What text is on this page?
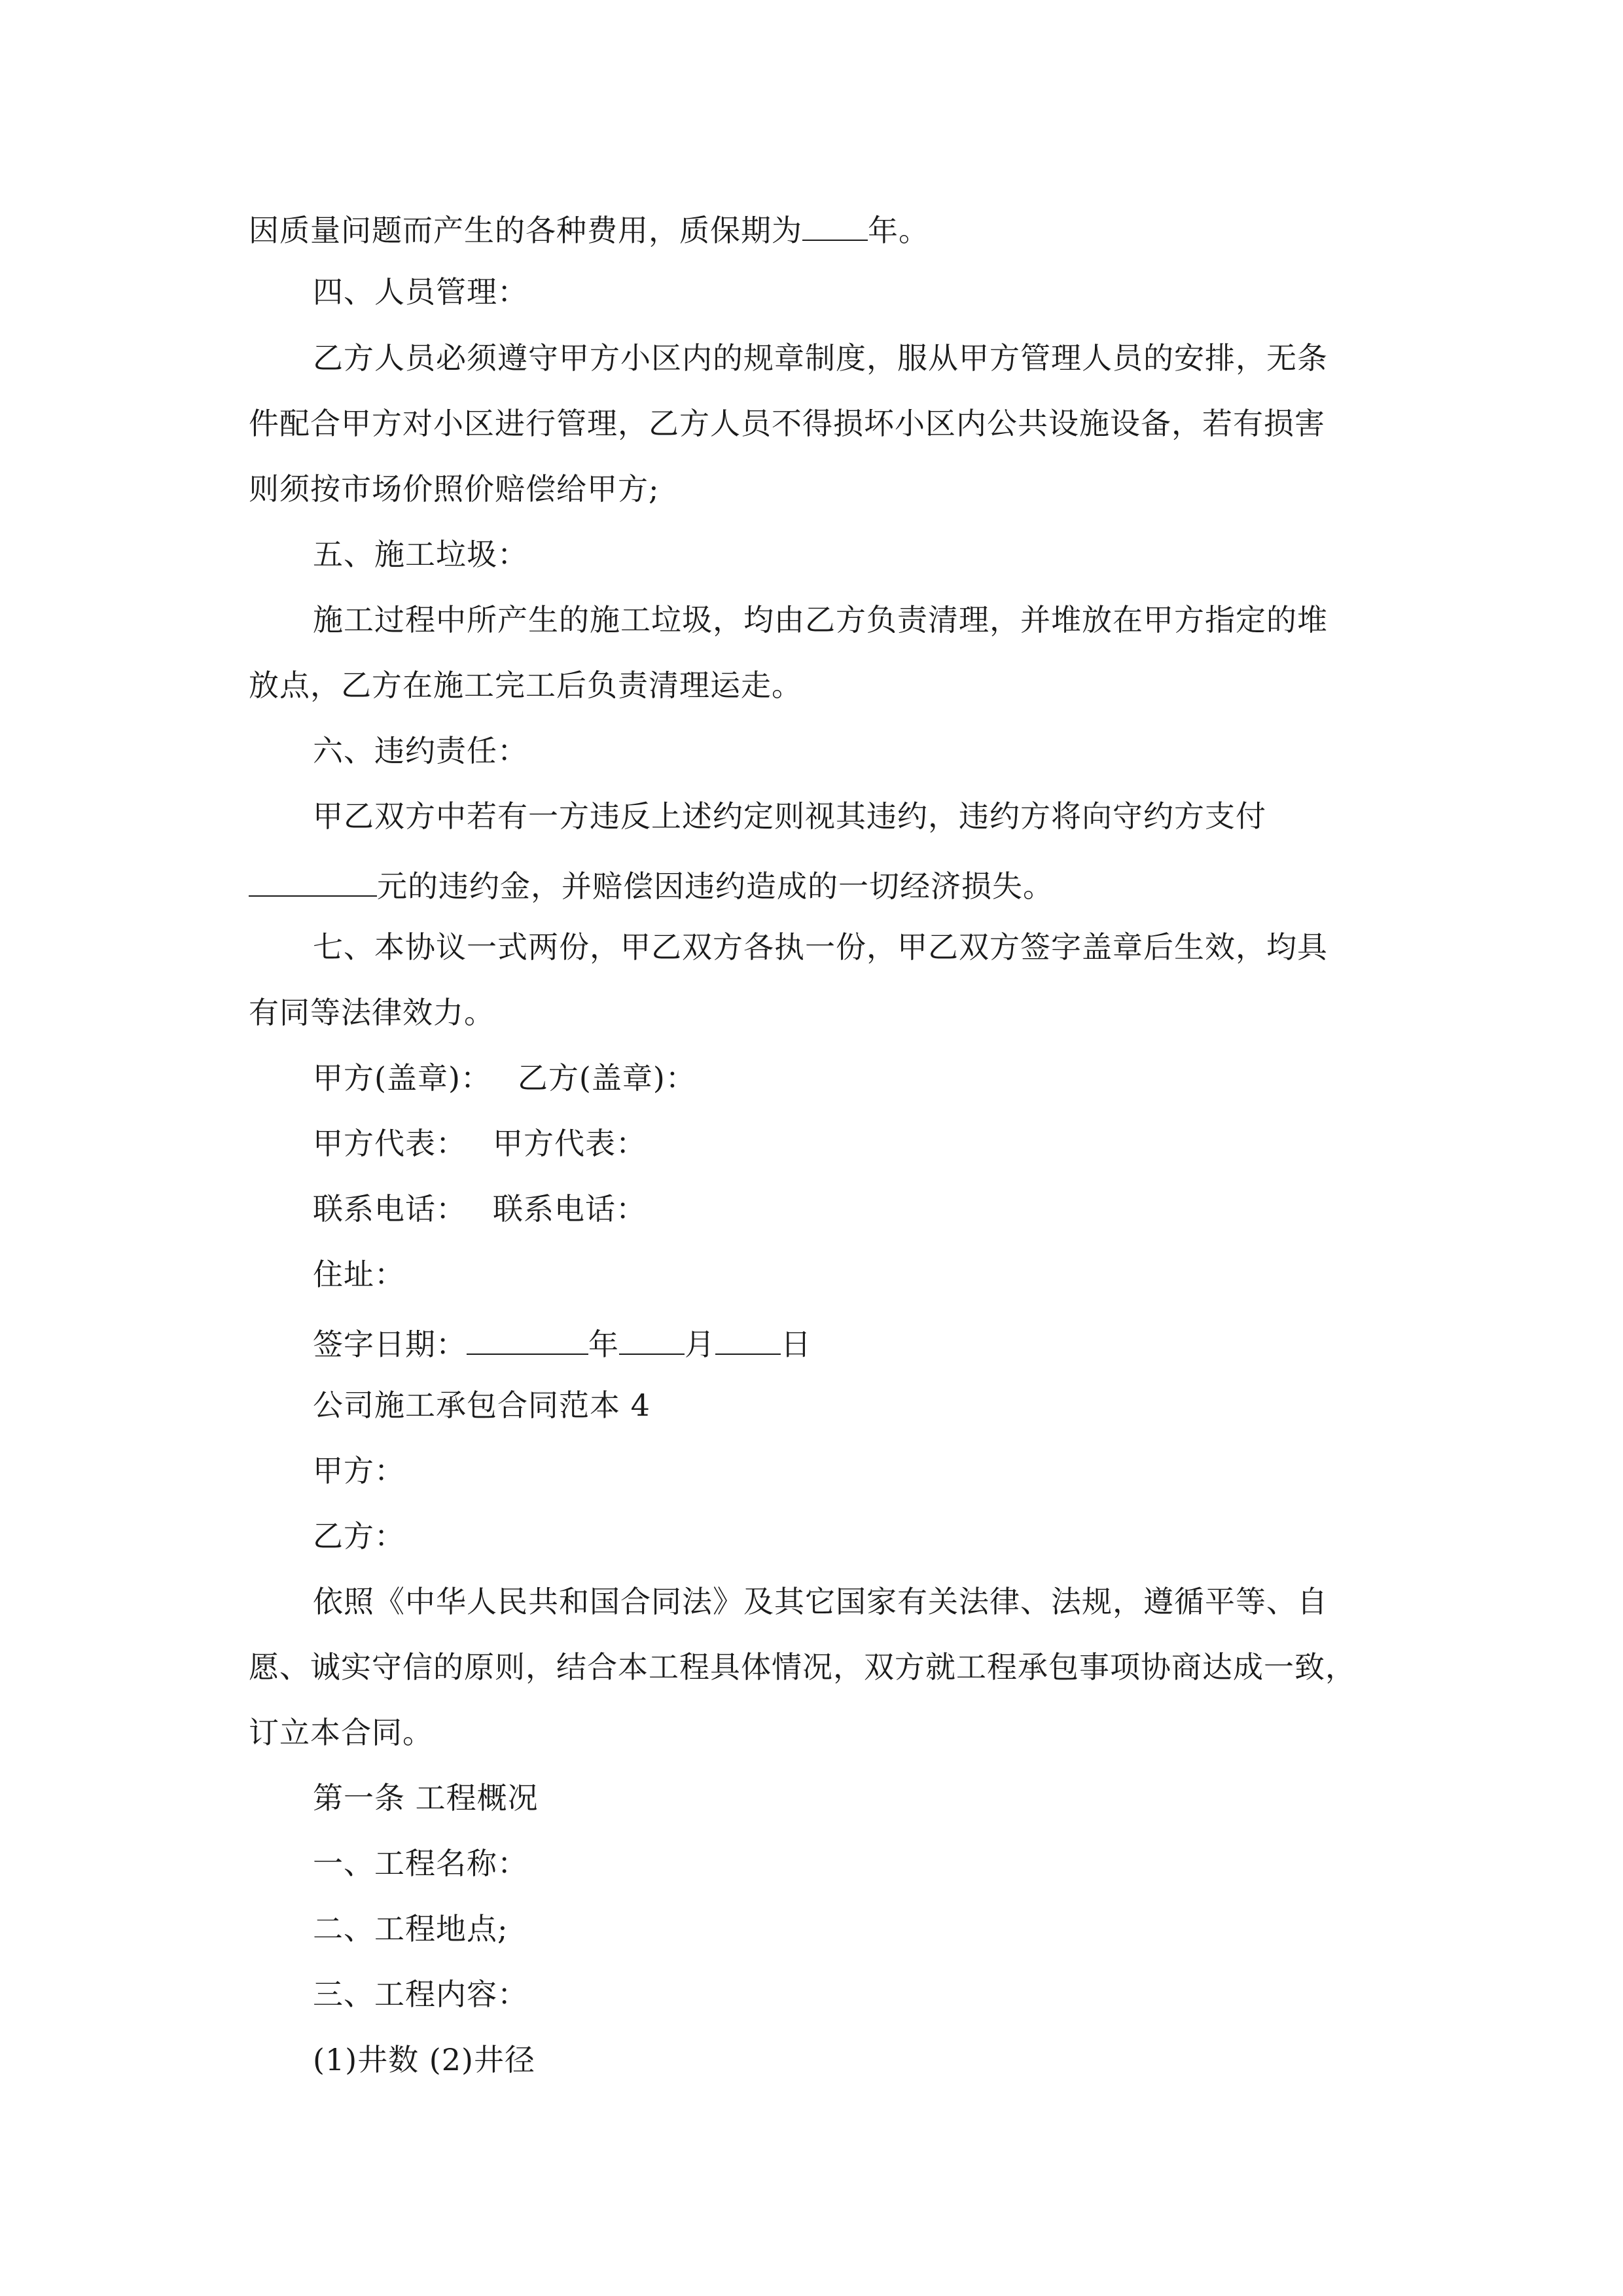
因质量问题而产生的各种费用，质保期为 年。
四、人员管理：
乙方人员必须遵守甲方小区内的规章制度，服从甲方管理人员的安排，无条
件配合甲方对小区进行管理，乙方人员不得损坏小区内公共设施设备，若有损害
则须按市场价照价赔偿给甲方;
五、施工垃圾：
施工过程中所产生的施工垃圾，均由乙方负责清理，并堆放在甲方指定的堆
放点，乙方在施工完工后负责清理运走。
六、违约责任：
甲乙双方中若有一方违反上述约定则视其违约，违约方将向守约方支付
元的违约金，并赔偿因违约造成的一切经济损失。
七、本协议一式两份，甲乙双方各执一份，甲乙双方签字盖章后生效，均具
有同等法律效力。
甲方(盖章)： 乙方(盖章)：
甲方代表： 甲方代表：
联系电话： 联系电话：
住址：
签字日期：	年 月 日
公司施工承包合同范本 4
甲方：
乙方：
依照《中华人民共和国合同法》及其它国家有关法律、法规，遵循平等、自
愿、诚实守信的原则，结合本工程具体情况，双方就工程承包事项协商达成一致，
订立本合同。
第一条 工程概况
一、工程名称：
二、工程地点;
三、工程内容：
(1)井数 (2)井径
